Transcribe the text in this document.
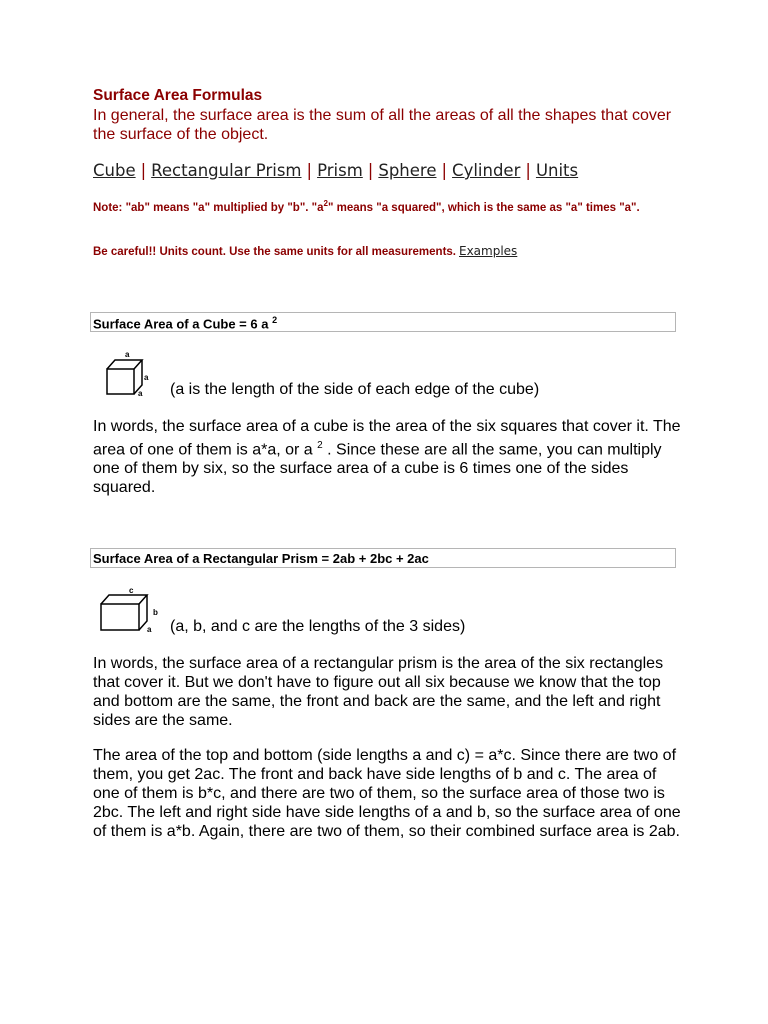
Surface Area Formulas
In general, the surface area is the sum of all the areas of all the shapes that cover the surface of the object.
Cube | Rectangular Prism | Prism | Sphere | Cylinder | Units
Note: "ab" means "a" multiplied by "b". "$a^2$" means "a squared", which is the same as "a" times "a".
Be careful!! Units count. Use the same units for all measurements. Examples
Surface Area of a Cube = 6 a $^2$
a
a
a (a is the length of the side of each edge of the cube)
In words, the surface area of a cube is the area of the six squares that cover it. The area of one of them is a*a, or a $^2$ . Since these are all the same, you can multiply one of them by six, so the surface area of a cube is 6 times one of the sides squared.
Surface Area of a Rectangular Prism = 2ab + 2bc + 2ac
c
b
a (a, b, and c are the lengths of the 3 sides)
In words, the surface area of a rectangular prism is the area of the six rectangles that cover it. But we don't have to figure out all six because we know that the top and bottom are the same, the front and back are the same, and the left and right sides are the same.
The area of the top and bottom (side lengths a and c) = a*c. Since there are two of them, you get 2ac. The front and back have side lengths of b and c. The area of one of them is b*c, and there are two of them, so the surface area of those two is 2bc. The left and right side have side lengths of a and b, so the surface area of one of them is a*b. Again, there are two of them, so their combined surface area is 2ab.
